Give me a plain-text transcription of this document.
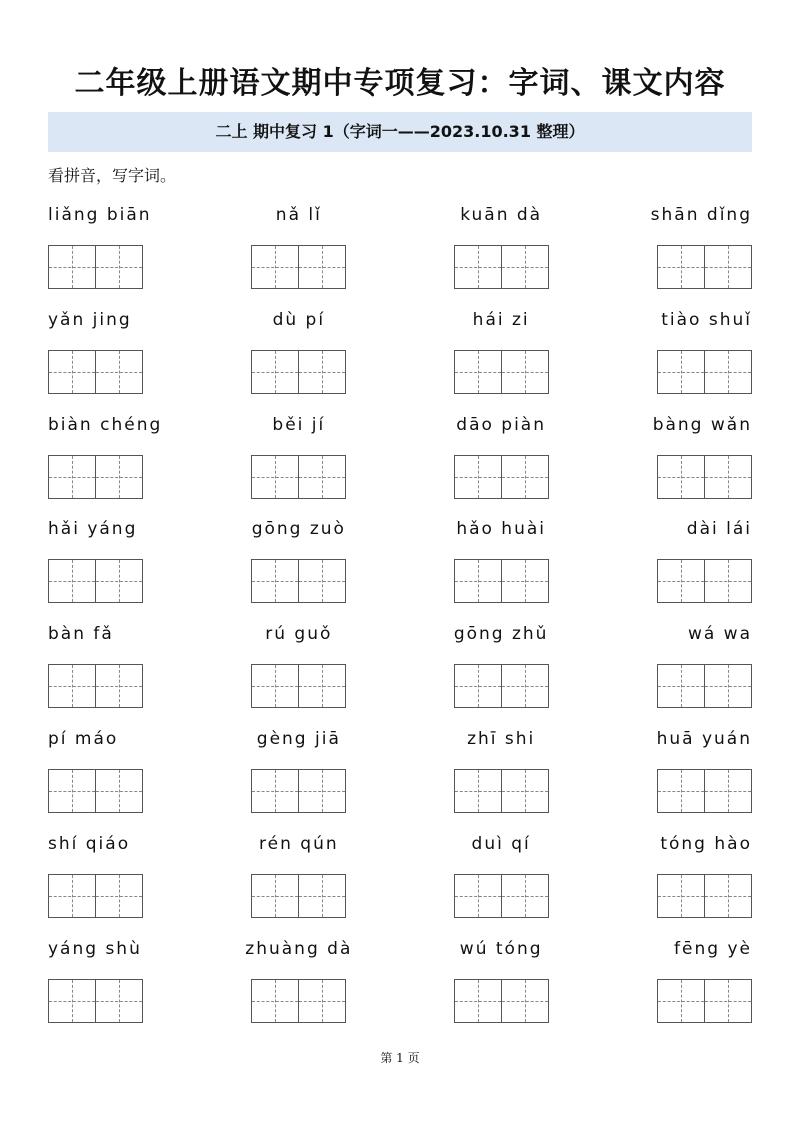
二年级上册语文期中专项复习：字词、课文内容
二上 期中复习 1（字词一——2023.10.31 整理）
看拼音，写字词。
liǎng biān	nǎ lǐ	kuān dà	shān dǐng
yǎn jing	dù pí	hái zi	tiào shuǐ
biàn chéng	běi jí	dāo piàn	bàng wǎn
hǎi yáng	gōng zuò	hǎo huài	dài lái
bàn fǎ	rú guǒ	gōng zhǔ	wá wa
pí máo	gèng jiā	zhī shi	huā yuán
shí qiáo	rén qún	duì qí	tóng hào
yáng shù	zhuàng dà	wú tóng	fēng yè
第 1 页
